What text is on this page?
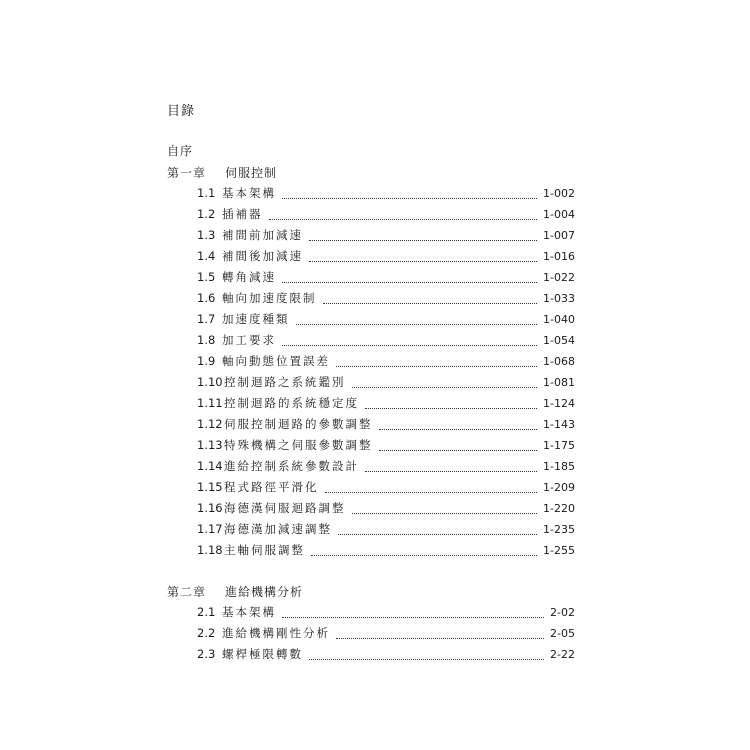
目錄
自序
第一章 伺服控制
1.1 基本架構	1-002
1.2 插補器	1-004
1.3 補間前加減速	1-007
1.4 補間後加減速	1-016
1.5 轉角減速	1-022
1.6 軸向加速度限制	1-033
1.7 加速度種類	1-040
1.8 加工要求	1-054
1.9 軸向動態位置誤差	1-068
1.10 控制迴路之系統鑑別	1-081
1.11 控制迴路的系統穩定度	1-124
1.12 伺服控制迴路的參數調整	1-143
1.13 特殊機構之伺服參數調整	1-175
1.14 進給控制系統參數設計	1-185
1.15 程式路徑平滑化	1-209
1.16 海德漢伺服迴路調整	1-220
1.17 海德漢加減速調整	1-235
1.18 主軸伺服調整	1-255
第二章 進給機構分析
2.1 基本架構	2-02
2.2 進給機構剛性分析	2-05
2.3 螺桿極限轉數	2-22
